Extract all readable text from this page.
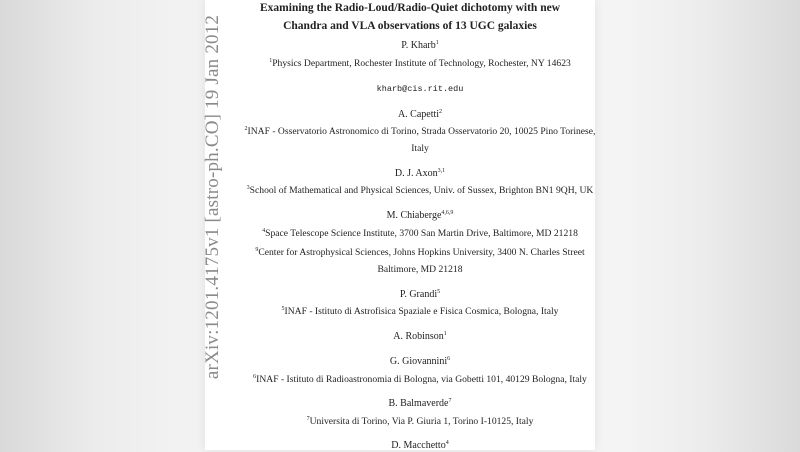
arXiv:1201.4175v1 [astro-ph.CO] 19 Jan 2012
Examining the Radio-Loud/Radio-Quiet dichotomy with new
Chandra and VLA observations of 13 UGC galaxies
P. Kharb$^1$
$^1$Physics Department, Rochester Institute of Technology, Rochester, NY 14623
kharb@cis.rit.edu
A. Capetti$^2$
$^2$INAF - Osservatorio Astronomico di Torino, Strada Osservatorio 20, 10025 Pino Torinese,
Italy
D. J. Axon$^{3,1}$
$^3$School of Mathematical and Physical Sciences, Univ. of Sussex, Brighton BN1 9QH, UK
M. Chiaberge$^{4,6,9}$
$^4$Space Telescope Science Institute, 3700 San Martin Drive, Baltimore, MD 21218
$^9$Center for Astrophysical Sciences, Johns Hopkins University, 3400 N. Charles Street
Baltimore, MD 21218
P. Grandi$^5$
$^5$INAF - Istituto di Astrofisica Spaziale e Fisica Cosmica, Bologna, Italy
A. Robinson$^1$
G. Giovannini$^6$
$^6$INAF - Istituto di Radioastronomia di Bologna, via Gobetti 101, 40129 Bologna, Italy
B. Balmaverde$^7$
$^7$Universita di Torino, Via P. Giuria 1, Torino I-10125, Italy
D. Macchetto$^4$
